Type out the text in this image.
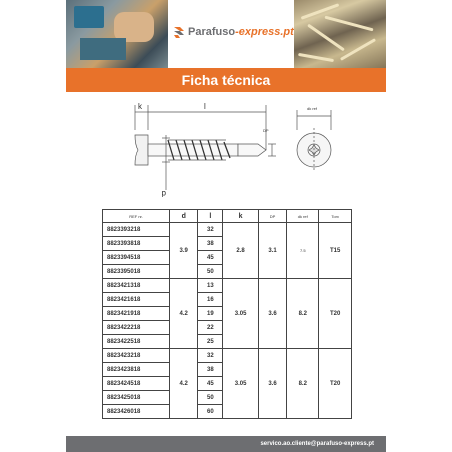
Parafuso-express.pt
Ficha técnica
k	l
d
DP
dk ref
REF nr.	d	l	k	DP	dk ref	Torx
8823393218	3.9	32	2.8	3.1	7.5	T15
8823393818		38				
8823394518		45				
8823395018		50				
8823421318	4.2	13	3.05	3.6	8.2	T20
8823421618		16				
8823421918		19				
8823422218		22				
8823422518		25				
8823423218	4.2	32	3.05	3.6	8.2	T20
8823423818		38				
8823424518		45				
8823425018		50				
8823426018		60				
servico.ao.cliente@parafuso-express.pt
